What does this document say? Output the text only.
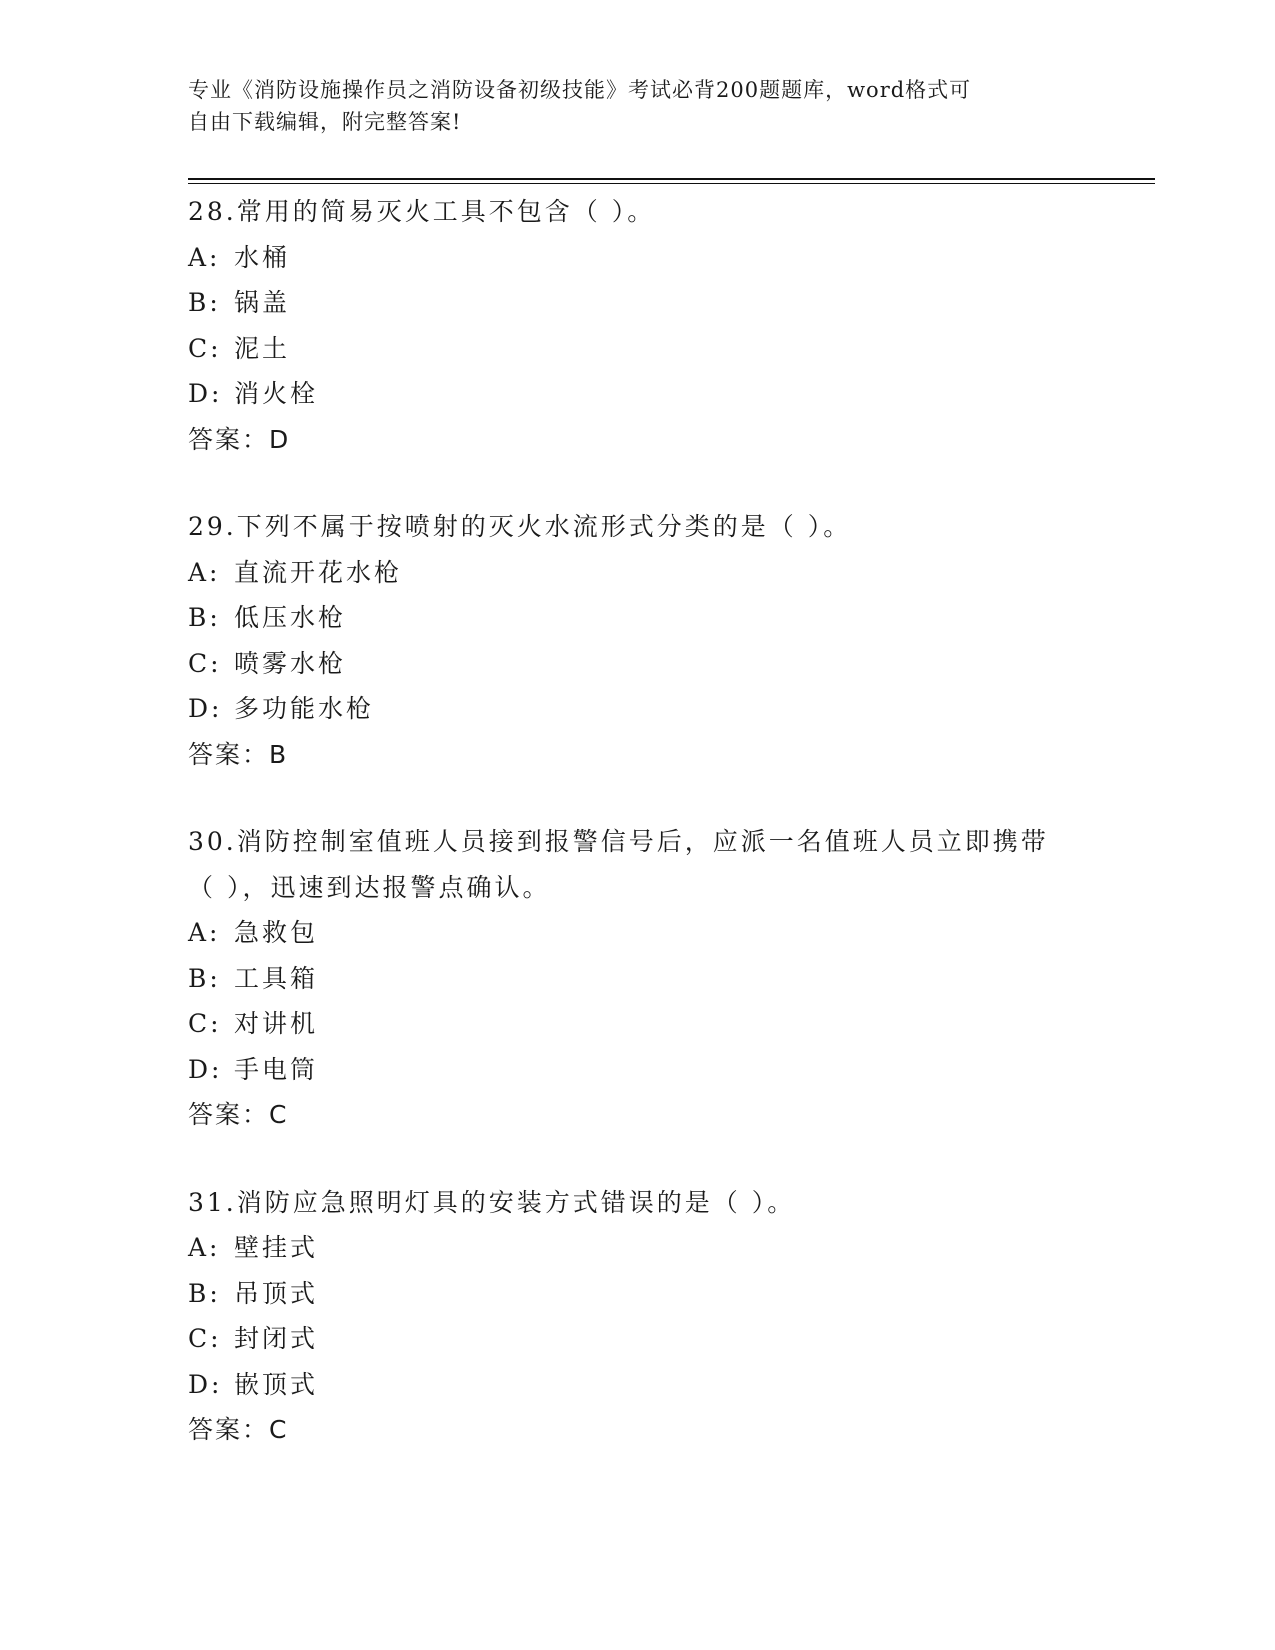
专业《消防设施操作员之消防设备初级技能》考试必背200题题库，word格式可
自由下载编辑，附完整答案!
28.常用的简易灭火工具不包含（ ）。
A: 水桶
B: 锅盖
C: 泥土
D: 消火栓
答案：D
29.下列不属于按喷射的灭火水流形式分类的是（ ）。
A: 直流开花水枪
B: 低压水枪
C: 喷雾水枪
D: 多功能水枪
答案：B
30.消防控制室值班人员接到报警信号后，应派一名值班人员立即携带
（ ），迅速到达报警点确认。
A: 急救包
B: 工具箱
C: 对讲机
D: 手电筒
答案：C
31.消防应急照明灯具的安装方式错误的是（ ）。
A: 壁挂式
B: 吊顶式
C: 封闭式
D: 嵌顶式
答案：C
